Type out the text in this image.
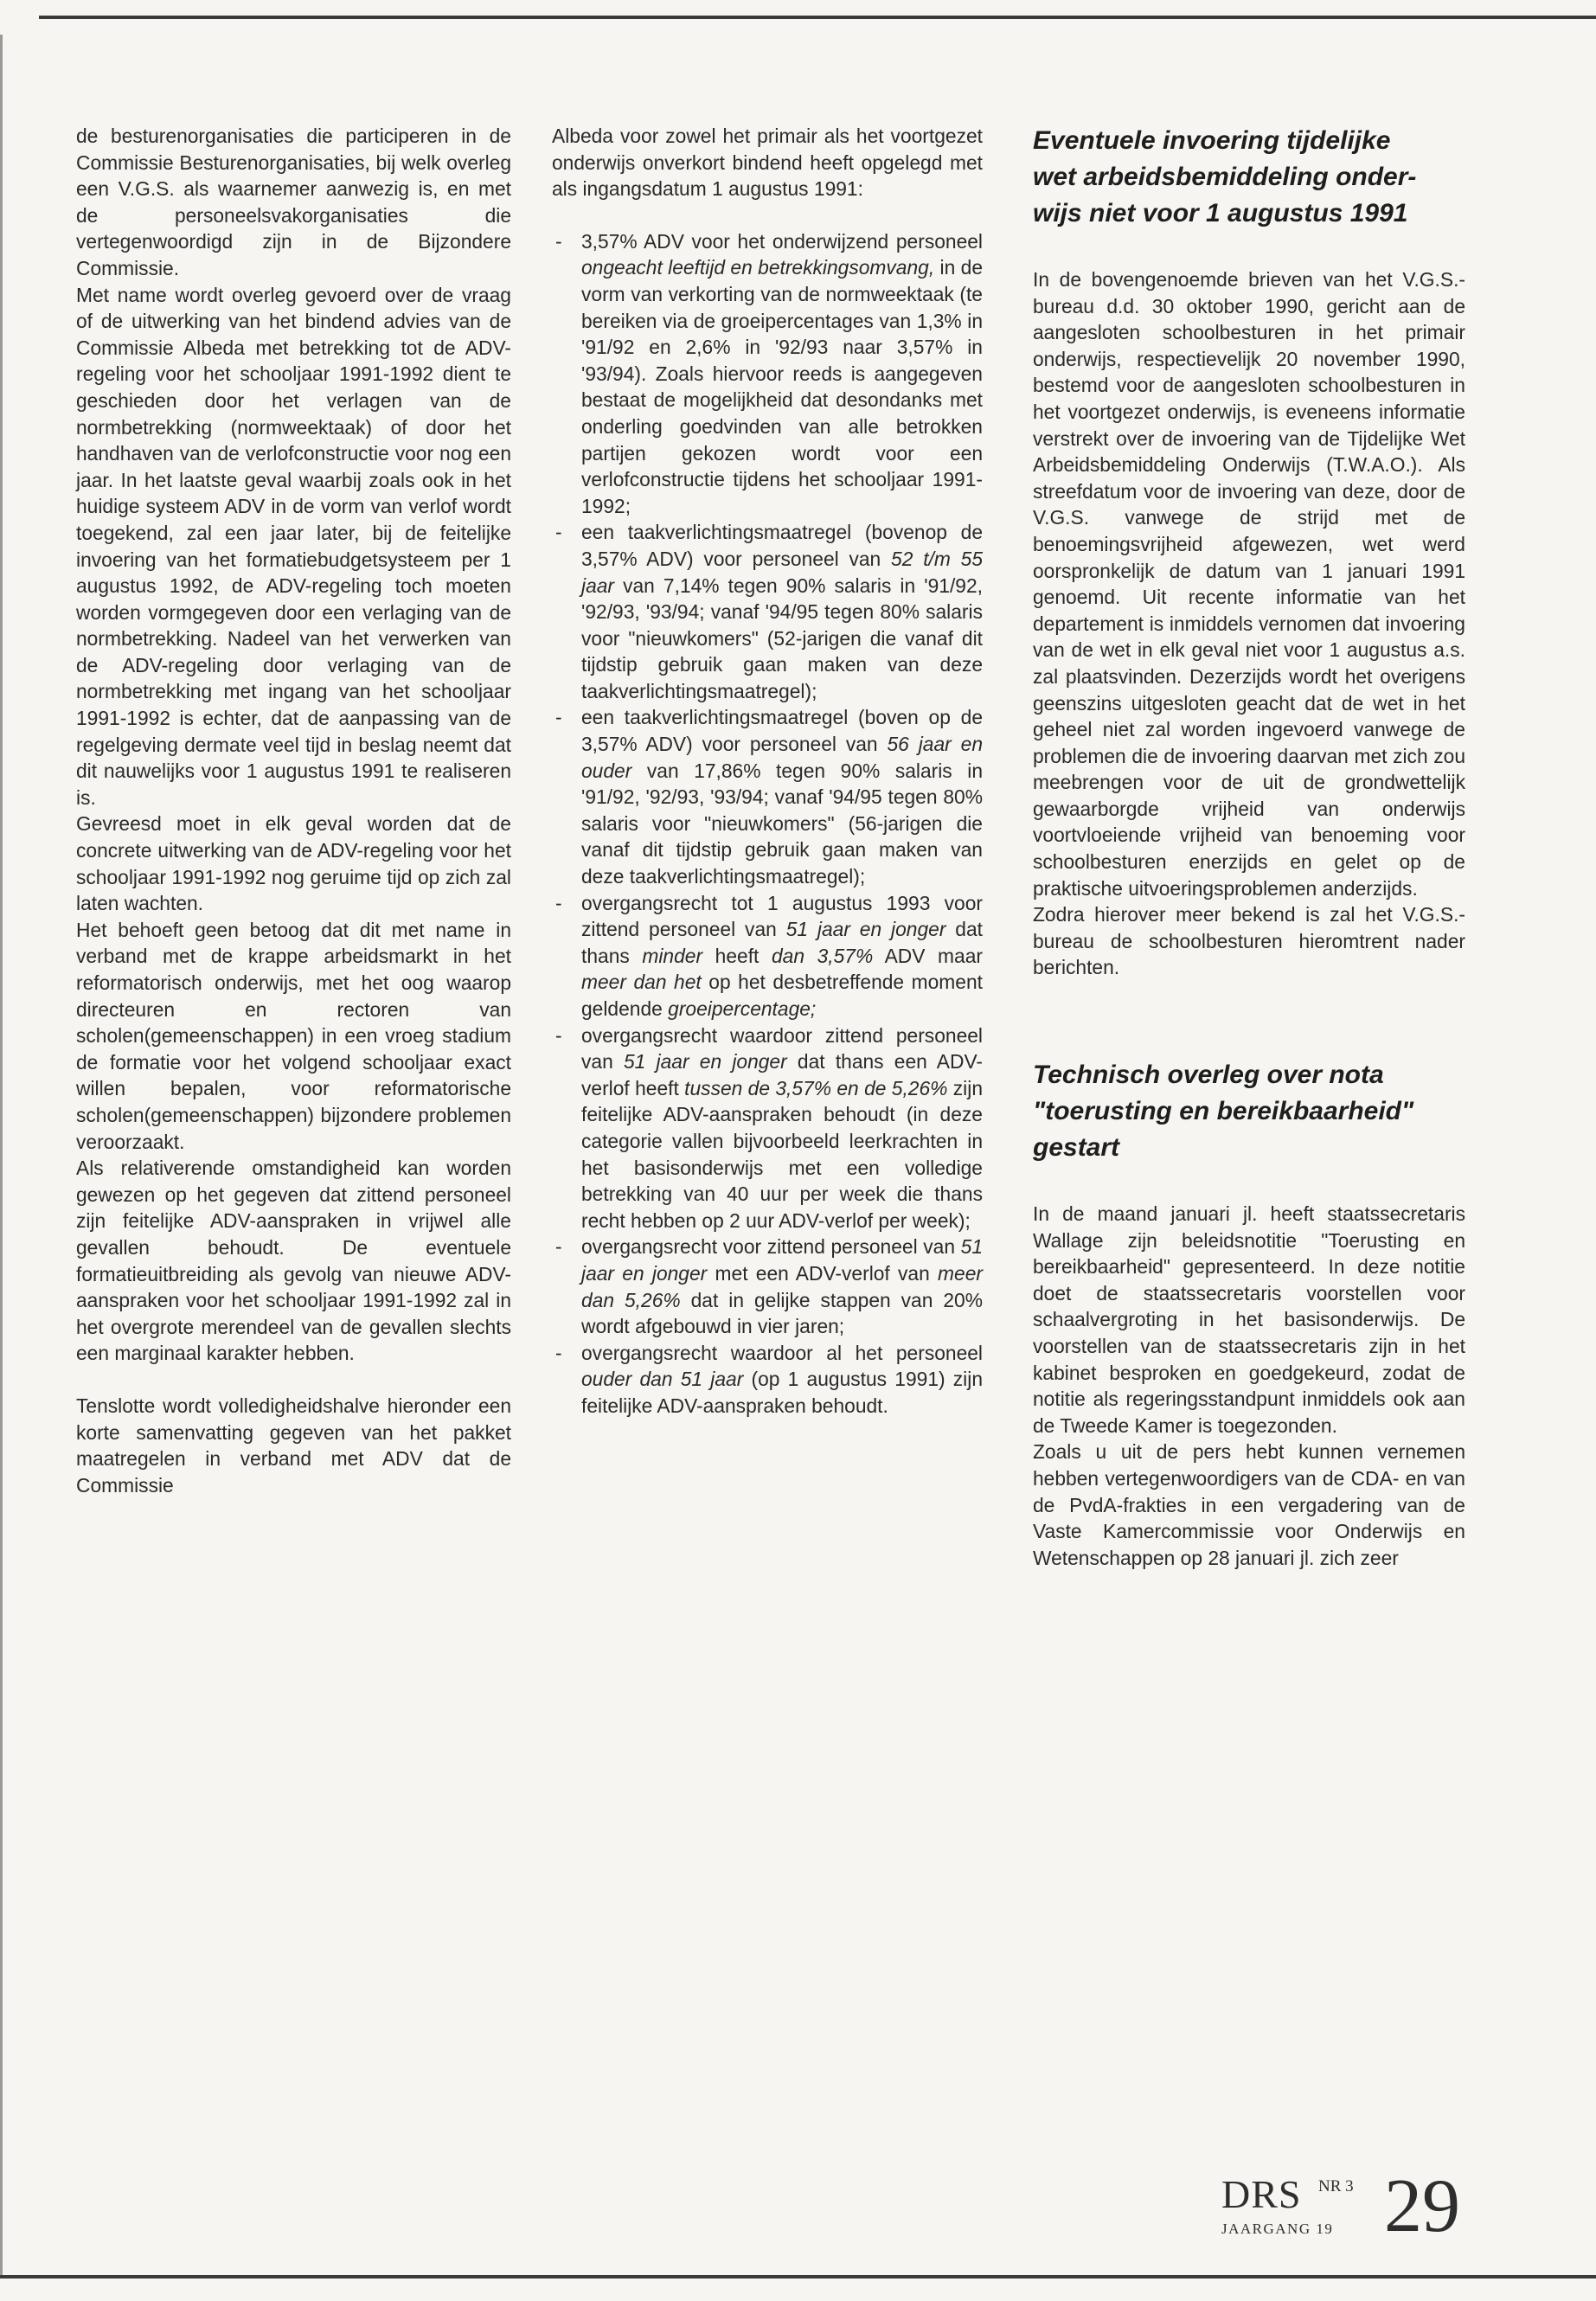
de besturenorganisaties die participeren in de Commissie Besturenorganisaties, bij welk overleg een V.G.S. als waarnemer aanwezig is, en met de personeelsvakorganisaties die vertegenwoordigd zijn in de Bijzondere Commissie.

Met name wordt overleg gevoerd over de vraag of de uitwerking van het bindend advies van de Commissie Albeda met betrekking tot de ADV-regeling voor het schooljaar 1991-1992 dient te geschieden door het verlagen van de normbetrekking (normweektaak) of door het handhaven van de verlofconstructie voor nog een jaar. In het laatste geval waarbij zoals ook in het huidige systeem ADV in de vorm van verlof wordt toegekend, zal een jaar later, bij de feitelijke invoering van het formatiebudgetsysteem per 1 augustus 1992, de ADV-regeling toch moeten worden vormgegeven door een verlaging van de normbetrekking. Nadeel van het verwerken van de ADV-regeling door verlaging van de normbetrekking met ingang van het schooljaar 1991-1992 is echter, dat de aanpassing van de regelgeving dermate veel tijd in beslag neemt dat dit nauwelijks voor 1 augustus 1991 te realiseren is.

Gevreesd moet in elk geval worden dat de concrete uitwerking van de ADV-regeling voor het schooljaar 1991-1992 nog geruime tijd op zich zal laten wachten.

Het behoeft geen betoog dat dit met name in verband met de krappe arbeidsmarkt in het reformatorisch onderwijs, met het oog waarop directeuren en rectoren van scholen(gemeenschappen) in een vroeg stadium de formatie voor het volgend schooljaar exact willen bepalen, voor reformatorische scholen(gemeenschappen) bijzondere problemen veroorzaakt.

Als relativerende omstandigheid kan worden gewezen op het gegeven dat zittend personeel zijn feitelijke ADV-aanspraken in vrijwel alle gevallen behoudt. De eventuele formatieuitbreiding als gevolg van nieuwe ADV-aanspraken voor het schooljaar 1991-1992 zal in het overgrote merendeel van de gevallen slechts een marginaal karakter hebben.

Tenslotte wordt volledigheidshalve hieronder een korte samenvatting gegeven van het pakket maatregelen in verband met ADV dat de Commissie

Albeda voor zowel het primair als het voortgezet onderwijs onverkort bindend heeft opgelegd met als ingangsdatum 1 augustus 1991:

- 3,57% ADV voor het onderwijzend personeel ongeacht leeftijd en betrekkingsomvang, in de vorm van verkorting van de normweektaak (te bereiken via de groeipercentages van 1,3% in '91/92 en 2,6% in '92/93 naar 3,57% in '93/94). Zoals hiervoor reeds is aangegeven bestaat de mogelijkheid dat desondanks met onderling goedvinden van alle betrokken partijen gekozen wordt voor een verlofconstructie tijdens het schooljaar 1991-1992;
- een taakverlichtingsmaatregel (bovenop de 3,57% ADV) voor personeel van 52 t/m 55 jaar van 7,14% tegen 90% salaris in '91/92, '92/93, '93/94; vanaf '94/95 tegen 80% salaris voor "nieuwkomers" (52-jarigen die vanaf dit tijdstip gebruik gaan maken van deze taakverlichtingsmaatregel);
- een taakverlichtingsmaatregel (boven op de 3,57% ADV) voor personeel van 56 jaar en ouder van 17,86% tegen 90% salaris in '91/92, '92/93, '93/94; vanaf '94/95 tegen 80% salaris voor "nieuwkomers" (56-jarigen die vanaf dit tijdstip gebruik gaan maken van deze taakverlichtingsmaatregel);
- overgangsrecht tot 1 augustus 1993 voor zittend personeel van 51 jaar en jonger dat thans minder heeft dan 3,57% ADV maar meer dan het op het desbetreffende moment geldende groeipercentage;
- overgangsrecht waardoor zittend personeel van 51 jaar en jonger dat thans een ADV-verlof heeft tussen de 3,57% en de 5,26% zijn feitelijke ADV-aanspraken behoudt (in deze categorie vallen bijvoorbeeld leerkrachten in het basisonderwijs met een volledige betrekking van 40 uur per week die thans recht hebben op 2 uur ADV-verlof per week);
- overgangsrecht voor zittend personeel van 51 jaar en jonger met een ADV-verlof van meer dan 5,26% dat in gelijke stappen van 20% wordt afgebouwd in vier jaren;
- overgangsrecht waardoor al het personeel ouder dan 51 jaar (op 1 augustus 1991) zijn feitelijke ADV-aanspraken behoudt.
Eventuele invoering tijdelijke
wet arbeidsbemiddeling onder-
wijs niet voor 1 augustus 1991

In de bovengenoemde brieven van het V.G.S.-bureau d.d. 30 oktober 1990, gericht aan de aangesloten schoolbesturen in het primair onderwijs, respectievelijk 20 november 1990, bestemd voor de aangesloten schoolbesturen in het voortgezet onderwijs, is eveneens informatie verstrekt over de invoering van de Tijdelijke Wet Arbeidsbemiddeling Onderwijs (T.W.A.O.). Als streefdatum voor de invoering van deze, door de V.G.S. vanwege de strijd met de benoemingsvrijheid afgewezen, wet werd oorspronkelijk de datum van 1 januari 1991 genoemd. Uit recente informatie van het departement is inmiddels vernomen dat invoering van de wet in elk geval niet voor 1 augustus a.s. zal plaatsvinden. Dezerzijds wordt het overigens geenszins uitgesloten geacht dat de wet in het geheel niet zal worden ingevoerd vanwege de problemen die de invoering daarvan met zich zou meebrengen voor de uit de grondwettelijk gewaarborgde vrijheid van onderwijs voortvloeiende vrijheid van benoeming voor schoolbesturen enerzijds en gelet op de praktische uitvoeringsproblemen anderzijds.

Zodra hierover meer bekend is zal het V.G.S.-bureau de schoolbesturen hieromtrent nader berichten.

Technisch overleg over nota
"toerusting en bereikbaarheid"
gestart

In de maand januari jl. heeft staatssecretaris Wallage zijn beleidsnotitie "Toerusting en bereikbaarheid" gepresenteerd. In deze notitie doet de staatssecretaris voorstellen voor schaalvergroting in het basisonderwijs. De voorstellen van de staatssecretaris zijn in het kabinet besproken en goedgekeurd, zodat de notitie als regeringsstandpunt inmiddels ook aan de Tweede Kamer is toegezonden.

Zoals u uit de pers hebt kunnen vernemen hebben vertegenwoordigers van de CDA- en van de PvdA-frakties in een vergadering van de Vaste Kamercommissie voor Onderwijs en Wetenschappen op 28 januari jl. zich zeer

DRS NR 3
JAARGANG 19 29
